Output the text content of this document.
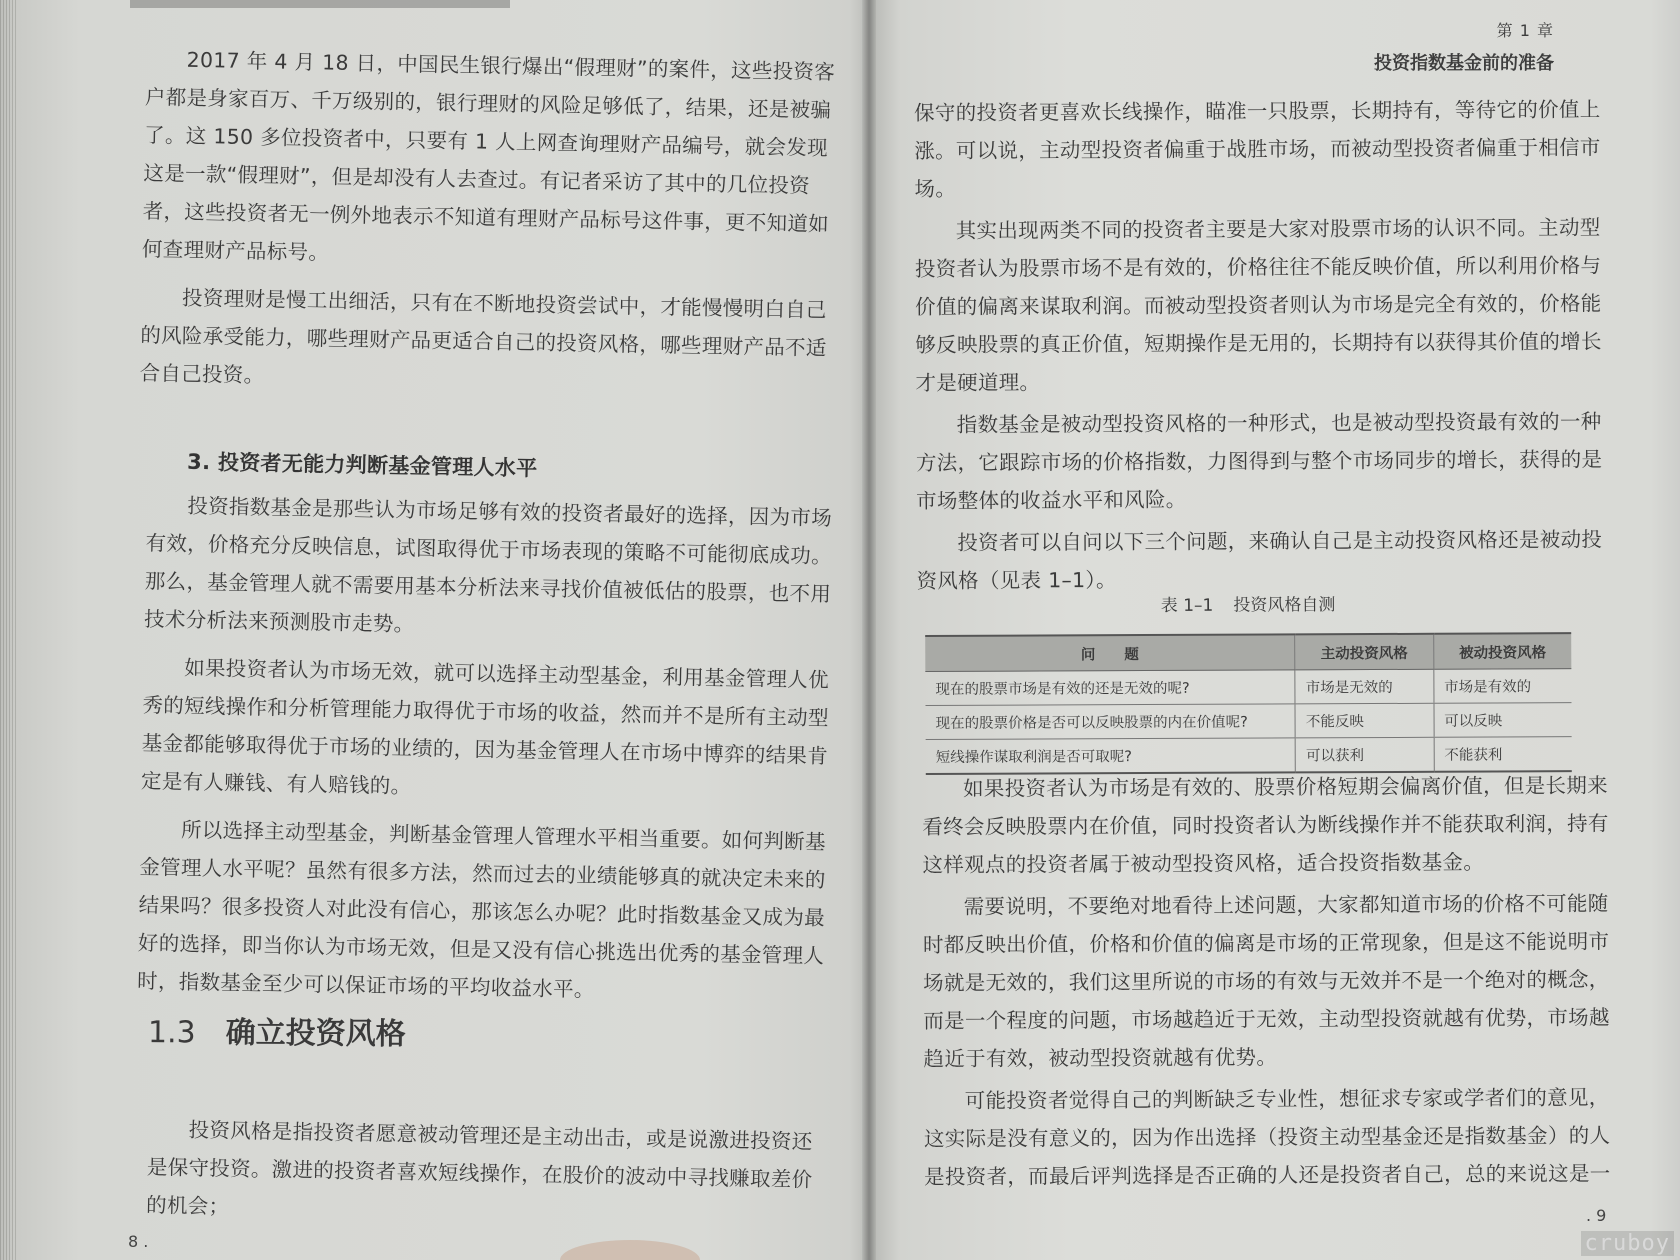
2017 年 4 月 18 日，中国民生银行爆出“假理财”的案件，这些投资客户都是身家百万、千万级别的，银行理财的风险足够低了，结果，还是被骗了。这 150 多位投资者中，只要有 1 人上网查询理财产品编号，就会发现这是一款“假理财”，但是却没有人去查过。有记者采访了其中的几位投资者，这些投资者无一例外地表示不知道有理财产品标号这件事，更不知道如何查理财产品标号。

投资理财是慢工出细活，只有在不断地投资尝试中，才能慢慢明白自己的风险承受能力，哪些理财产品更适合自己的投资风格，哪些理财产品不适合自己投资。

3. 投资者无能力判断基金管理人水平

投资指数基金是那些认为市场足够有效的投资者最好的选择，因为市场有效，价格充分反映信息，试图取得优于市场表现的策略不可能彻底成功。那么，基金管理人就不需要用基本分析法来寻找价值被低估的股票，也不用技术分析法来预测股市走势。

如果投资者认为市场无效，就可以选择主动型基金，利用基金管理人优秀的短线操作和分析管理能力取得优于市场的收益，然而并不是所有主动型基金都能够取得优于市场的业绩的，因为基金管理人在市场中博弈的结果肯定是有人赚钱、有人赔钱的。

所以选择主动型基金，判断基金管理人管理水平相当重要。如何判断基金管理人水平呢？虽然有很多方法，然而过去的业绩能够真的就决定未来的结果吗？很多投资人对此没有信心，那该怎么办呢？此时指数基金又成为最好的选择，即当你认为市场无效，但是又没有信心挑选出优秀的基金管理人时，指数基金至少可以保证市场的平均收益水平。

1.3 确立投资风格

投资风格是指投资者愿意被动管理还是主动出击，或是说激进投资还是保守投资。激进的投资者喜欢短线操作，在股价的波动中寻找赚取差价的机会；

8 .
第 1 章
投资指数基金前的准备

保守的投资者更喜欢长线操作，瞄准一只股票，长期持有，等待它的价值上涨。可以说，主动型投资者偏重于战胜市场，而被动型投资者偏重于相信市场。

其实出现两类不同的投资者主要是大家对股票市场的认识不同。主动型投资者认为股票市场不是有效的，价格往往不能反映价值，所以利用价格与价值的偏离来谋取利润。而被动型投资者则认为市场是完全有效的，价格能够反映股票的真正价值，短期操作是无用的，长期持有以获得其价值的增长才是硬道理。

指数基金是被动型投资风格的一种形式，也是被动型投资最有效的一种方法，它跟踪市场的价格指数，力图得到与整个市场同步的增长，获得的是市场整体的收益水平和风险。

投资者可以自问以下三个问题，来确认自己是主动投资风格还是被动投资风格（见表 1–1）。

如果投资者认为市场是有效的、股票价格短期会偏离价值，但是长期来看终会反映股票内在价值，同时投资者认为断线操作并不能获取利润，持有这样观点的投资者属于被动型投资风格，适合投资指数基金。

需要说明，不要绝对地看待上述问题，大家都知道市场的价格不可能随时都反映出价值，价格和价值的偏离是市场的正常现象，但是这不能说明市场就是无效的，我们这里所说的市场的有效与无效并不是一个绝对的概念，而是一个程度的问题，市场越趋近于无效，主动型投资就越有优势，市场越趋近于有效，被动型投资就越有优势。

可能投资者觉得自己的判断缺乏专业性，想征求专家或学者们的意见，这实际是没有意义的，因为作出选择（投资主动型基金还是指数基金）的人是投资者，而最后评判选择是否正确的人还是投资者自己，总的来说这是一

. 9
表 1–1 投资风格自测
问　　题	主动投资风格	被动投资风格
现在的股票市场是有效的还是无效的呢?	市场是无效的	市场是有效的
现在的股票价格是否可以反映股票的内在价值呢?	不能反映	可以反映
短线操作谋取利润是否可取呢?	可以获利	不能获利
cruboy
